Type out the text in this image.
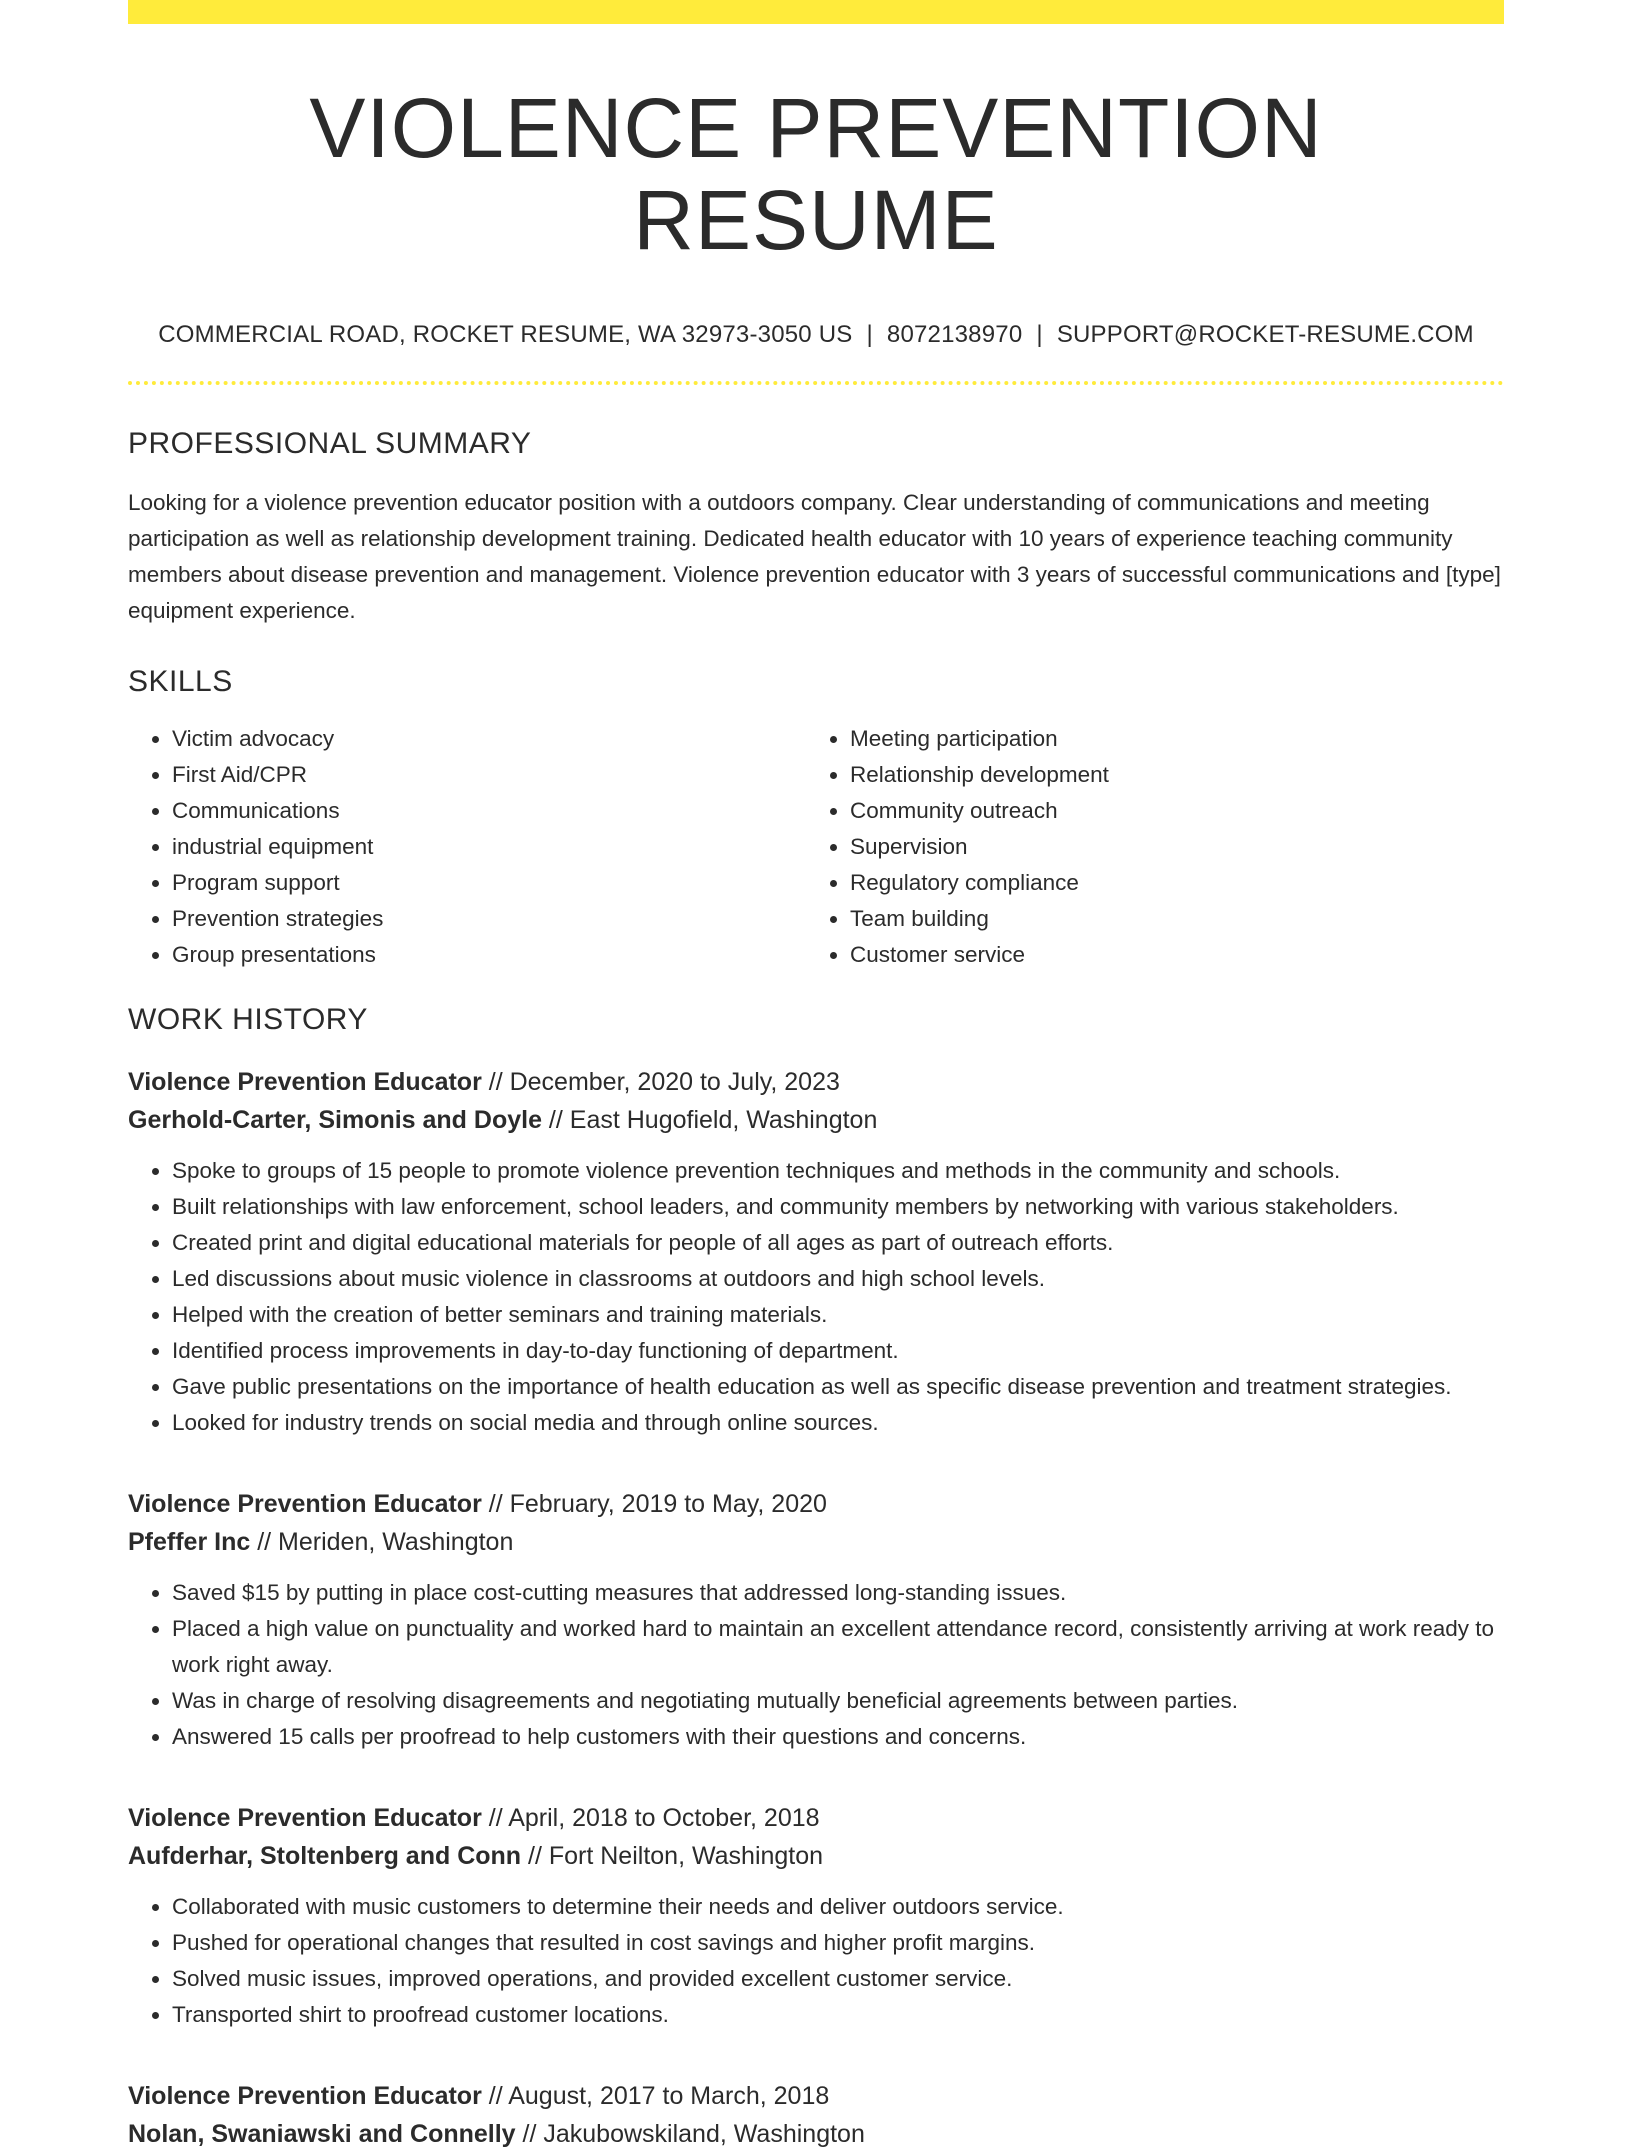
VIOLENCE PREVENTION RESUME
COMMERCIAL ROAD, ROCKET RESUME, WA 32973-3050 US | 8072138970 | SUPPORT@ROCKET-RESUME.COM
PROFESSIONAL SUMMARY

Looking for a violence prevention educator position with a outdoors company. Clear understanding of communications and meeting participation as well as relationship development training. Dedicated health educator with 10 years of experience teaching community members about disease prevention and management. Violence prevention educator with 3 years of successful communications and [type] equipment experience.

SKILLS
• Victim advocacy
• First Aid/CPR
• Communications
• industrial equipment
• Program support
• Prevention strategies
• Group presentations
• Meeting participation
• Relationship development
• Community outreach
• Supervision
• Regulatory compliance
• Team building
• Customer service
WORK HISTORY
Violence Prevention Educator // December, 2020 to July, 2023
Gerhold-Carter, Simonis and Doyle // East Hugofield, Washington
• Spoke to groups of 15 people to promote violence prevention techniques and methods in the community and schools.
• Built relationships with law enforcement, school leaders, and community members by networking with various stakeholders.
• Created print and digital educational materials for people of all ages as part of outreach efforts.
• Led discussions about music violence in classrooms at outdoors and high school levels.
• Helped with the creation of better seminars and training materials.
• Identified process improvements in day-to-day functioning of department.
• Gave public presentations on the importance of health education as well as specific disease prevention and treatment strategies.
• Looked for industry trends on social media and through online sources.
Violence Prevention Educator // February, 2019 to May, 2020
Pfeffer Inc // Meriden, Washington
• Saved $15 by putting in place cost-cutting measures that addressed long-standing issues.
• Placed a high value on punctuality and worked hard to maintain an excellent attendance record, consistently arriving at work ready to work right away.
• Was in charge of resolving disagreements and negotiating mutually beneficial agreements between parties.
• Answered 15 calls per proofread to help customers with their questions and concerns.
Violence Prevention Educator // April, 2018 to October, 2018
Aufderhar, Stoltenberg and Conn // Fort Neilton, Washington
• Collaborated with music customers to determine their needs and deliver outdoors service.
• Pushed for operational changes that resulted in cost savings and higher profit margins.
• Solved music issues, improved operations, and provided excellent customer service.
• Transported shirt to proofread customer locations.
Violence Prevention Educator // August, 2017 to March, 2018
Nolan, Swaniawski and Connelly // Jakubowskiland, Washington
